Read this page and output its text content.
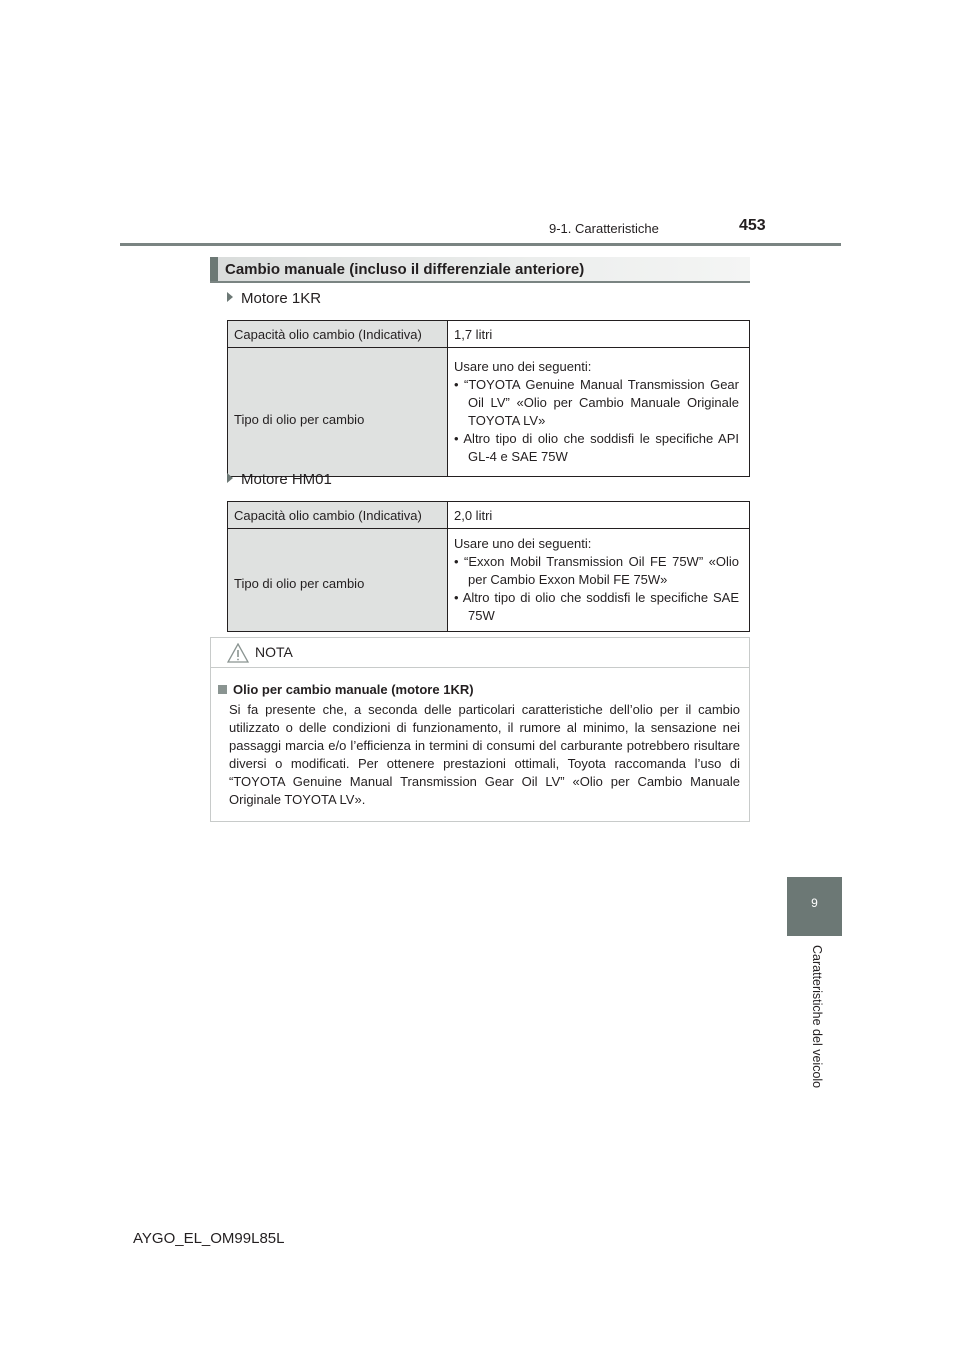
9-1. Caratteristiche	453
9
Caratteristiche del veicolo
Cambio manuale (incluso il differenziale anteriore)
Motore 1KR
Capacità olio cambio (Indicativa)	1,7 litri
Tipo di olio per cambio	Usare uno dei seguenti:
• “TOYOTA Genuine Manual Transmission Gear Oil LV” «Olio per Cambio Manuale Originale TOYOTA LV»
• Altro tipo di olio che soddisfi le specifiche API GL-4 e SAE 75W
Motore HM01
Capacità olio cambio (Indicativa)	2,0 litri
Tipo di olio per cambio	Usare uno dei seguenti:
• “Exxon Mobil Transmission Oil FE 75W” «Olio per Cambio Exxon Mobil FE 75W»
• Altro tipo di olio che soddisfi le specifiche SAE 75W
NOTA
Olio per cambio manuale (motore 1KR)
Si fa presente che, a seconda delle particolari caratteristiche dell’olio per il cambio utilizzato o delle condizioni di funzionamento, il rumore al minimo, la sensazione nei passaggi marcia e/o l’efficienza in termini di consumi del carburante potrebbero risultare diversi o modificati. Per ottenere prestazioni ottimali, Toyota raccomanda l’uso di “TOYOTA Genuine Manual Transmission Gear Oil LV” «Olio per Cambio Manuale Originale TOYOTA LV».
AYGO_EL_OM99L85L
